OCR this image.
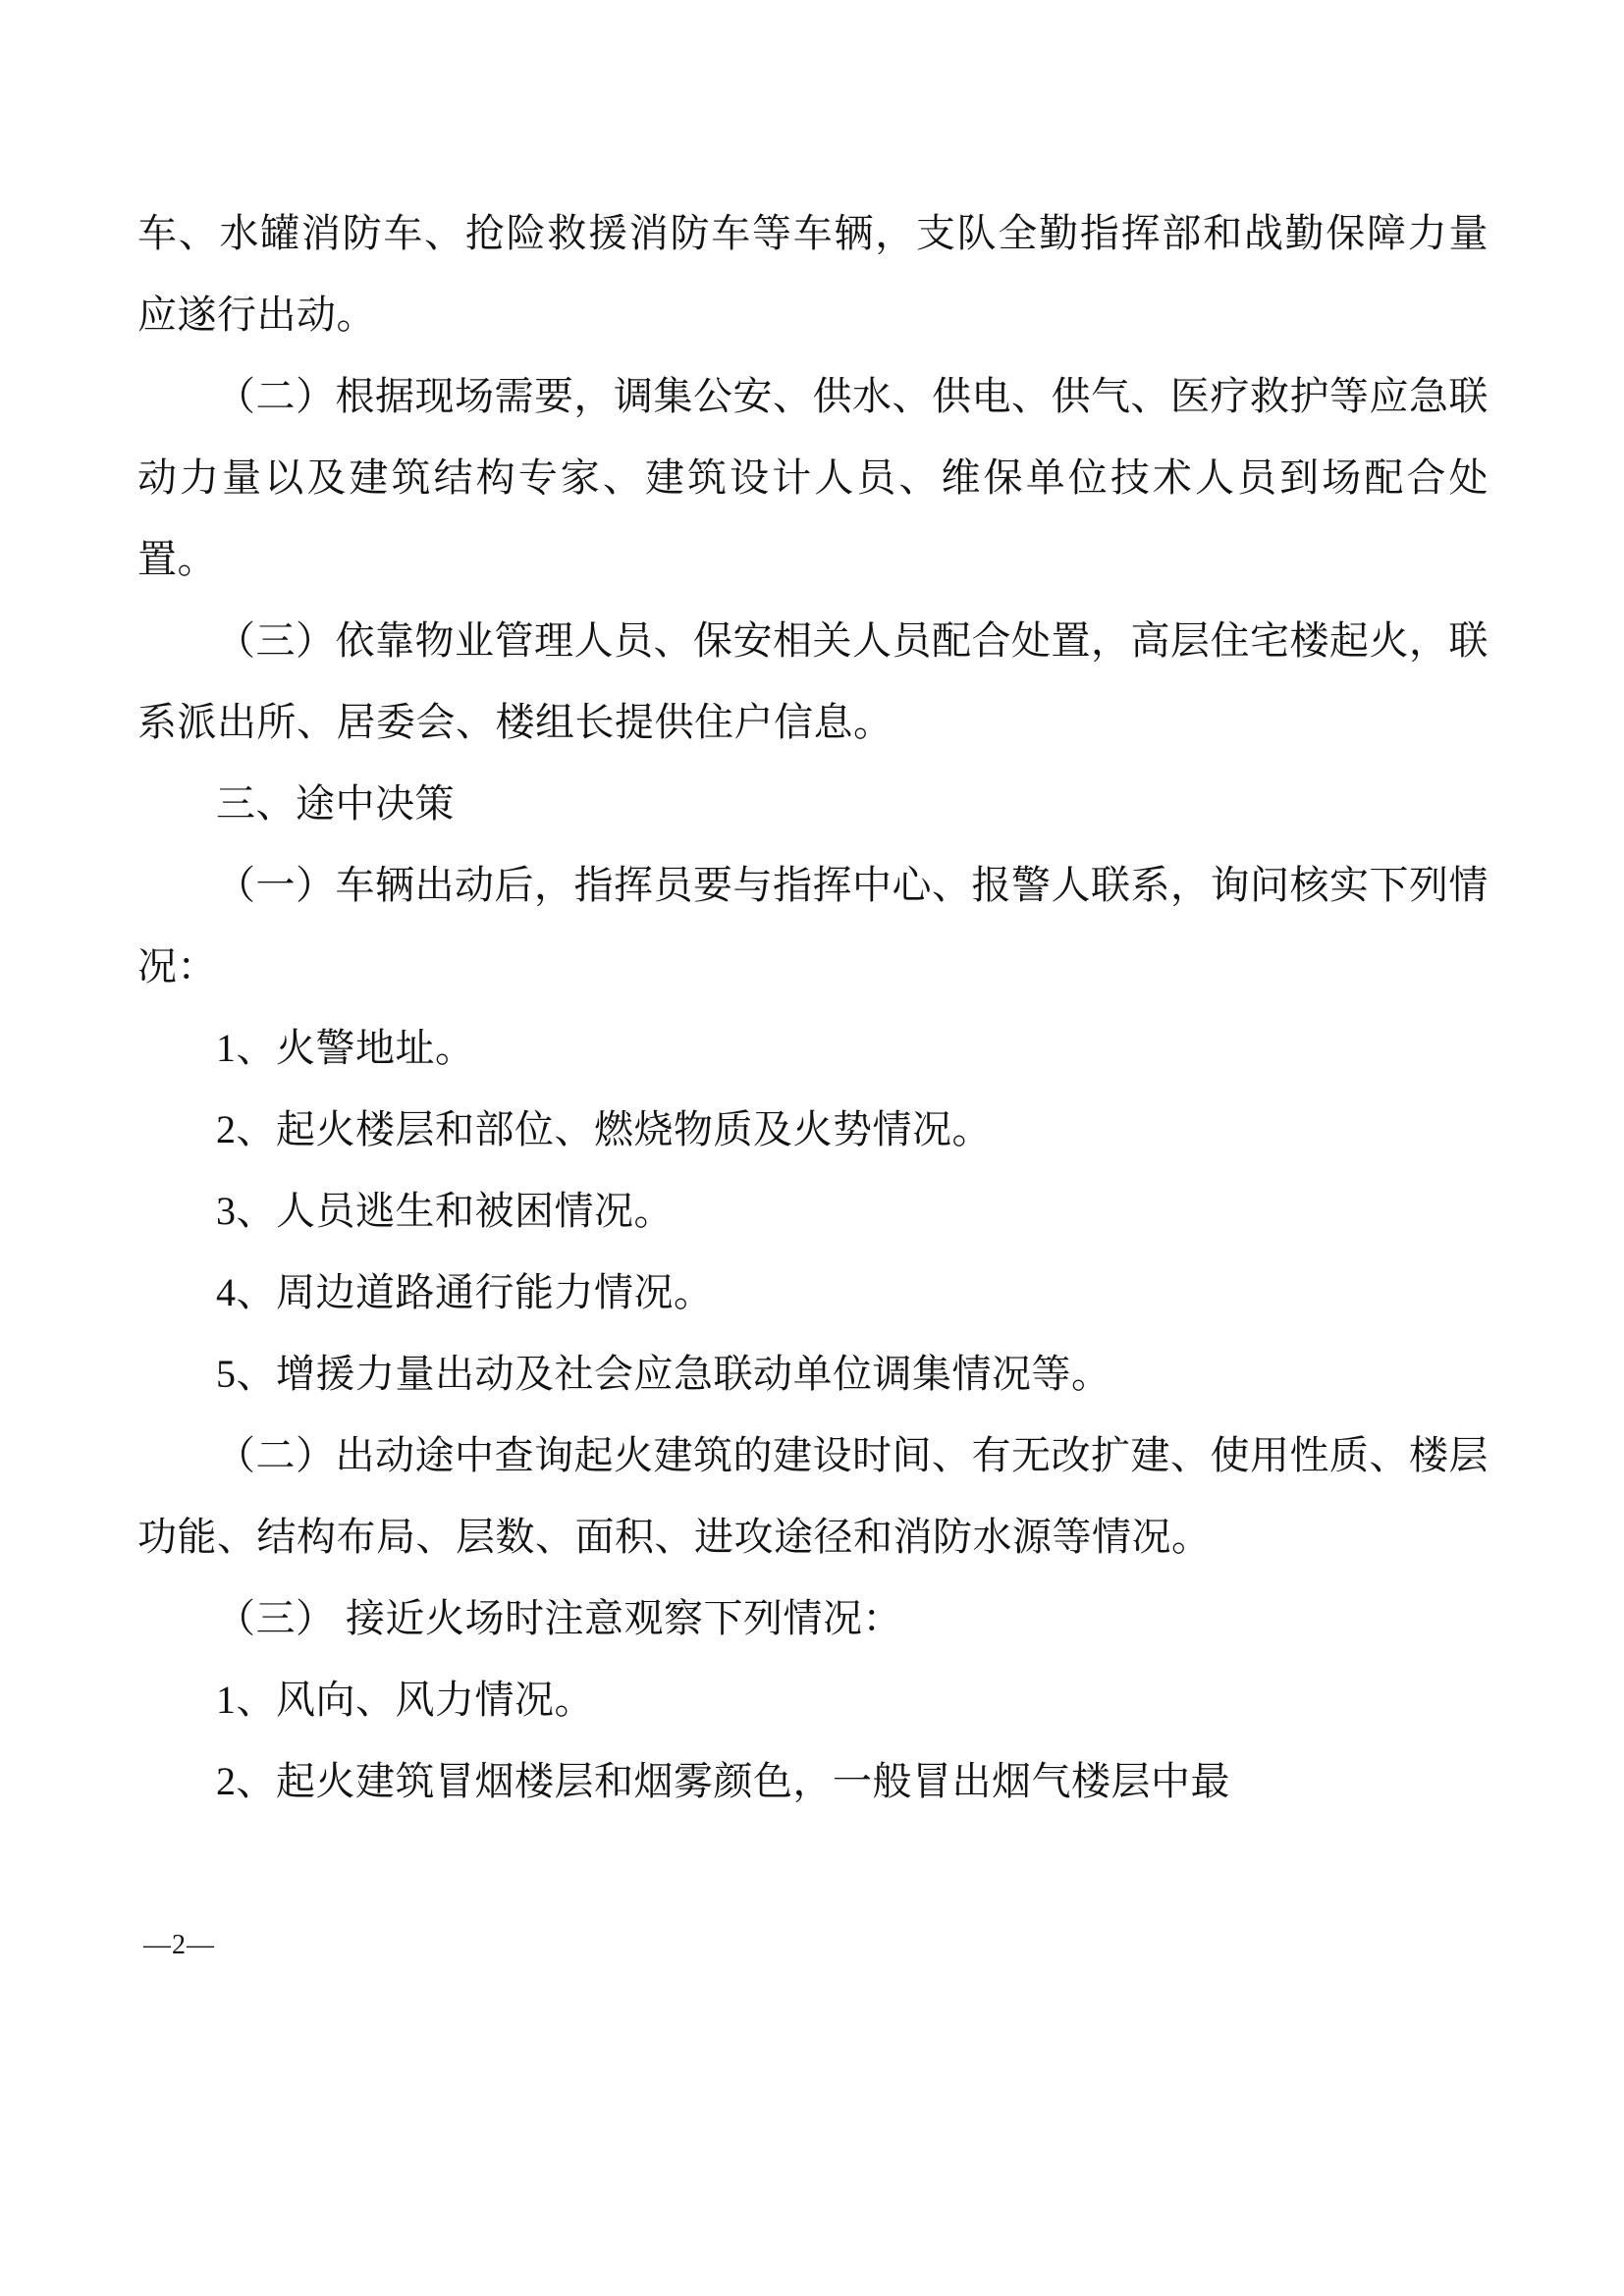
车、水罐消防车、抢险救援消防车等车辆，支队全勤指挥部和战勤保障力量应遂行出动。

（二）根据现场需要，调集公安、供水、供电、供气、医疗救护等应急联动力量以及建筑结构专家、建筑设计人员、维保单位技术人员到场配合处置。

（三）依靠物业管理人员、保安相关人员配合处置，高层住宅楼起火，联系派出所、居委会、楼组长提供住户信息。

三、途中决策

（一）车辆出动后，指挥员要与指挥中心、报警人联系，询问核实下列情况：

1、火警地址。

2、起火楼层和部位、燃烧物质及火势情况。

3、人员逃生和被困情况。

4、周边道路通行能力情况。

5、增援力量出动及社会应急联动单位调集情况等。

（二）出动途中查询起火建筑的建设时间、有无改扩建、使用性质、楼层功能、结构布局、层数、面积、进攻途径和消防水源等情况。

（三） 接近火场时注意观察下列情况：

1、风向、风力情况。

2、起火建筑冒烟楼层和烟雾颜色，一般冒出烟气楼层中最

—2—
